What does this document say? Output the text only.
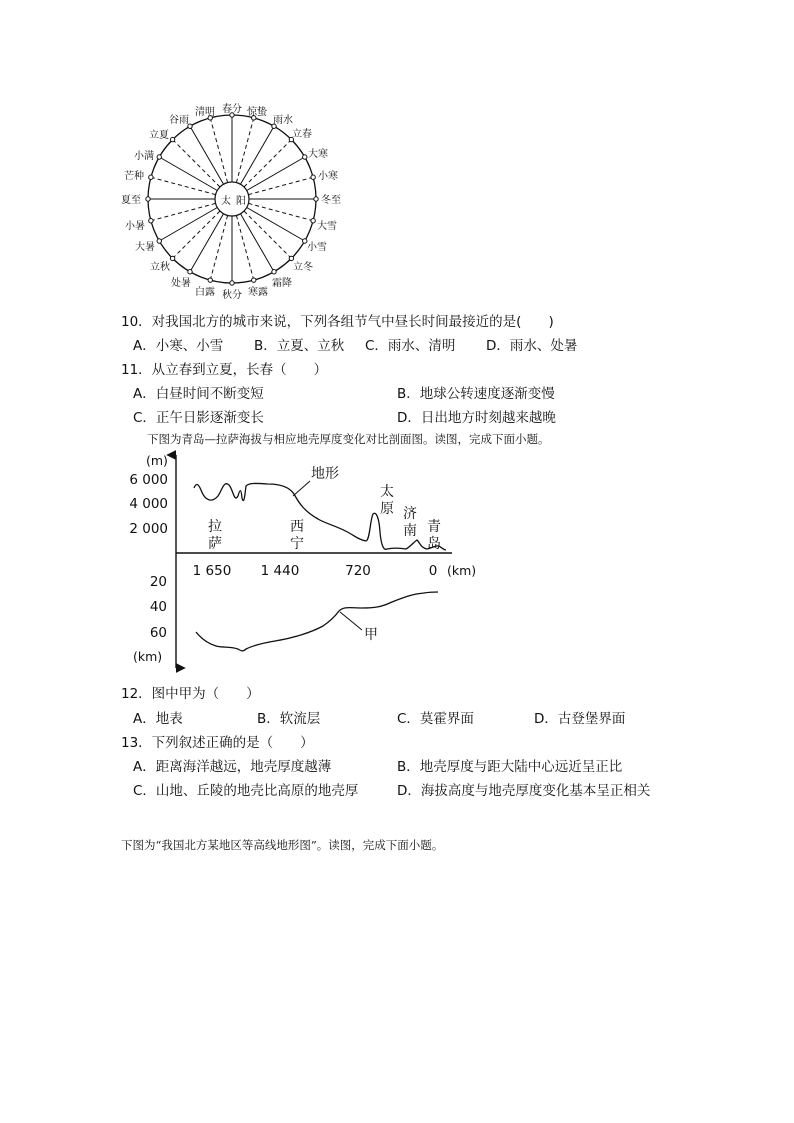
太 阳
春分 惊蛰
雨水
立春
大寒
小寒
冬至
大雪
小雪
立冬
霜降
寒露
秋分
白露
处暑
立秋
大暑
小暑
夏至
芒种
小满
立夏
谷雨
清明
10．对我国北方的城市来说，下列各组节气中昼长时间最接近的是(　　)
A．小寒、小雪 B．立夏、立秋 C．雨水、清明 D．雨水、处暑
11．从立春到立夏，长春（　　）
A．白昼时间不断变短	B．地球公转速度逐渐变慢
C．正午日影逐渐变长	D．日出地方时刻越来越晚
下图为青岛—拉萨海拔与相应地壳厚度变化对比剖面图。读图，完成下面小题。
(m)
(km)
(km)
6 000
4 000
2 000
20
40
60
1 650 1 440	720	0
地形
甲
拉
萨
西
宁
太
原 济
南 青
岛
12．图中甲为（　　）
A．地表	B．软流层	C．莫霍界面	D．古登堡界面
13．下列叙述正确的是（　　）
A．距离海洋越远，地壳厚度越薄	B．地壳厚度与距大陆中心远近呈正比
C．山地、丘陵的地壳比高原的地壳厚	D．海拔高度与地壳厚度变化基本呈正相关
下图为“我国北方某地区等高线地形图”。读图，完成下面小题。
